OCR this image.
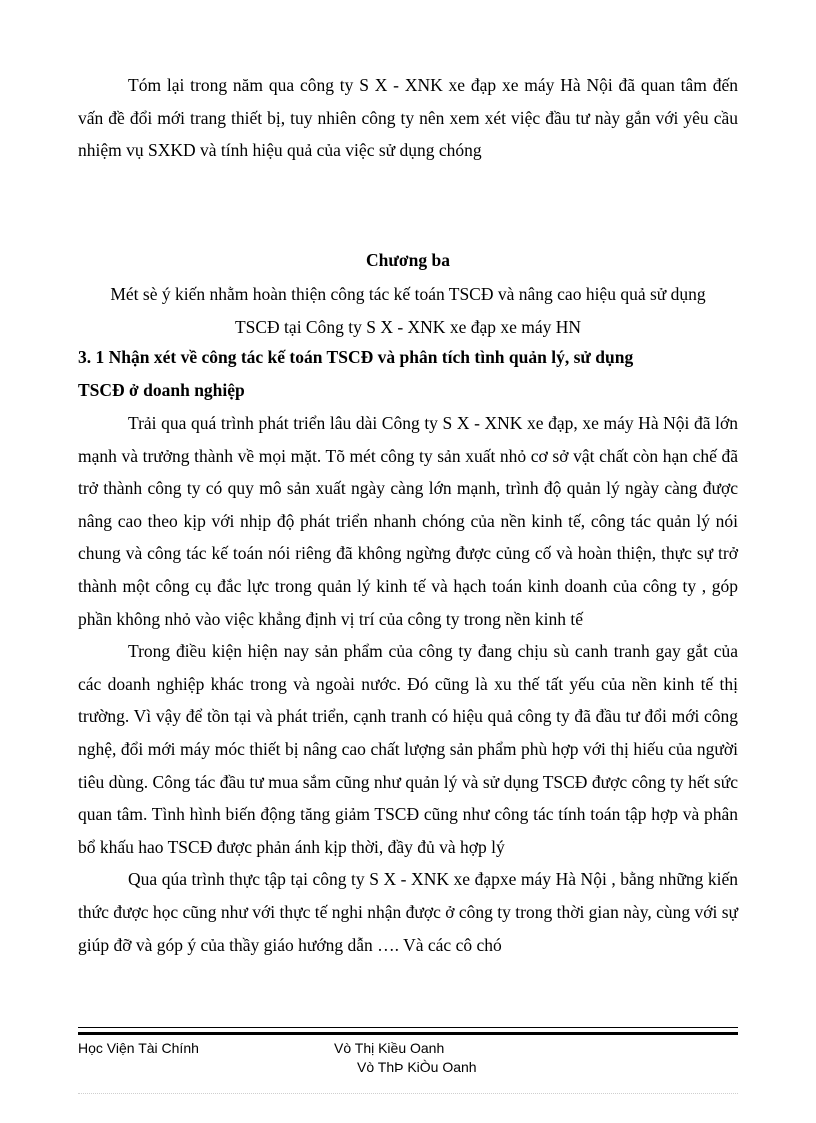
Tóm lại trong năm qua công ty S X - XNK xe đạp xe máy Hà Nội đã quan tâm đến vấn đề đổi mới trang thiết bị, tuy nhiên công ty nên xem xét việc đầu tư này gắn với yêu cầu nhiệm vụ SXKD và tính hiệu quả của việc sử dụng chóng

Chương ba
Mét sè ý kiến nhằm hoàn thiện công tác kế toán TSCĐ và nâng cao hiệu quả sử dụng
TSCĐ tại Công ty S X - XNK xe đạp xe máy HN
3. 1 Nhận xét về công tác kế toán TSCĐ và phân tích tình quản lý, sử dụng
TSCĐ ở doanh nghiệp

Trải qua quá trình phát triển lâu dài Công ty S X - XNK xe đạp, xe máy Hà Nội đã lớn mạnh và trưởng thành về mọi mặt. Tõ mét công ty sản xuất nhỏ cơ sở vật chất còn hạn chế đã trở thành công ty có quy mô sản xuất ngày càng lớn mạnh, trình độ quản lý ngày càng được nâng cao theo kịp với nhịp độ phát triển nhanh chóng của nền kinh tế, công tác quản lý nói chung và công tác kế toán nói riêng đã không ngừng được củng cố và hoàn thiện, thực sự trở thành một công cụ đắc lực trong quản lý kinh tế và hạch toán kinh doanh của công ty , góp phần không nhỏ vào việc khẳng định vị trí của công ty trong nền kinh tế

Trong điều kiện hiện nay sản phẩm của công ty đang chịu sù canh tranh gay gắt của các doanh nghiệp khác trong và ngoài nước. Đó cũng là xu thế tất yếu của nền kinh tế thị trường. Vì vậy để tồn tại và phát triển, cạnh tranh có hiệu quả công ty đã đầu tư đổi mới công nghệ, đổi mới máy móc thiết bị nâng cao chất lượng sản phẩm phù hợp với thị hiếu của người tiêu dùng. Công tác đầu tư mua sắm cũng như quản lý và sử dụng TSCĐ được công ty hết sức quan tâm. Tình hình biến động tăng giảm TSCĐ cũng như công tác tính toán tập hợp và phân bổ khấu hao TSCĐ được phản ánh kịp thời, đầy đủ và hợp lý

Qua qúa trình thực tập tại công ty S X - XNK xe đạpxe máy Hà Nội , bằng những kiến thức được học cũng như với thực tế nghi nhận được ở công ty trong thời gian này, cùng với sự giúp đỡ và góp ý của thầy giáo hướng dẫn …. Và các cô chó

Học Viện Tài Chính	Vò Thị Kiều Oanh
Vò ThÞ KiÒu Oanh
